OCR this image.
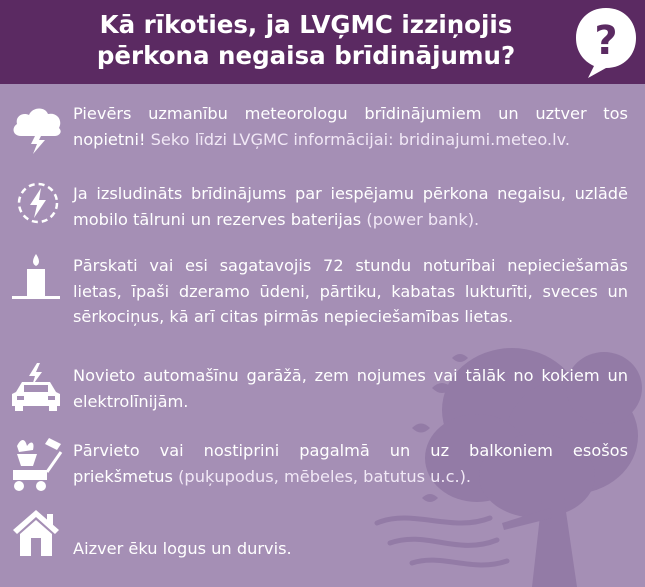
Kā rīkoties, ja LVĢMC izziņojis
pērkona negaisa brīdinājumu?	?

Pievērs uzmanību meteorologu brīdinājumiem un uztver tos nopietni! Seko līdzi LVĢMC informācijai: bridinajumi.meteo.lv.

Ja izsludināts brīdinājums par iespējamu pērkona negaisu, uzlādē mobilo tālruni un rezerves baterijas (power bank).

Pārskati vai esi sagatavojis 72 stundu noturībai nepieciešamās lietas, īpaši dzeramo ūdeni, pārtiku, kabatas lukturīti, sveces un sērkociņus, kā arī citas pirmās nepieciešamības lietas.

Novieto automašīnu garāžā, zem nojumes vai tālāk no kokiem un elektrolīnijām.

Pārvieto vai nostiprini pagalmā un uz balkoniem esošos priekšmetus (puķupodus, mēbeles, batutus u.c.).

Aizver ēku logus un durvis.
